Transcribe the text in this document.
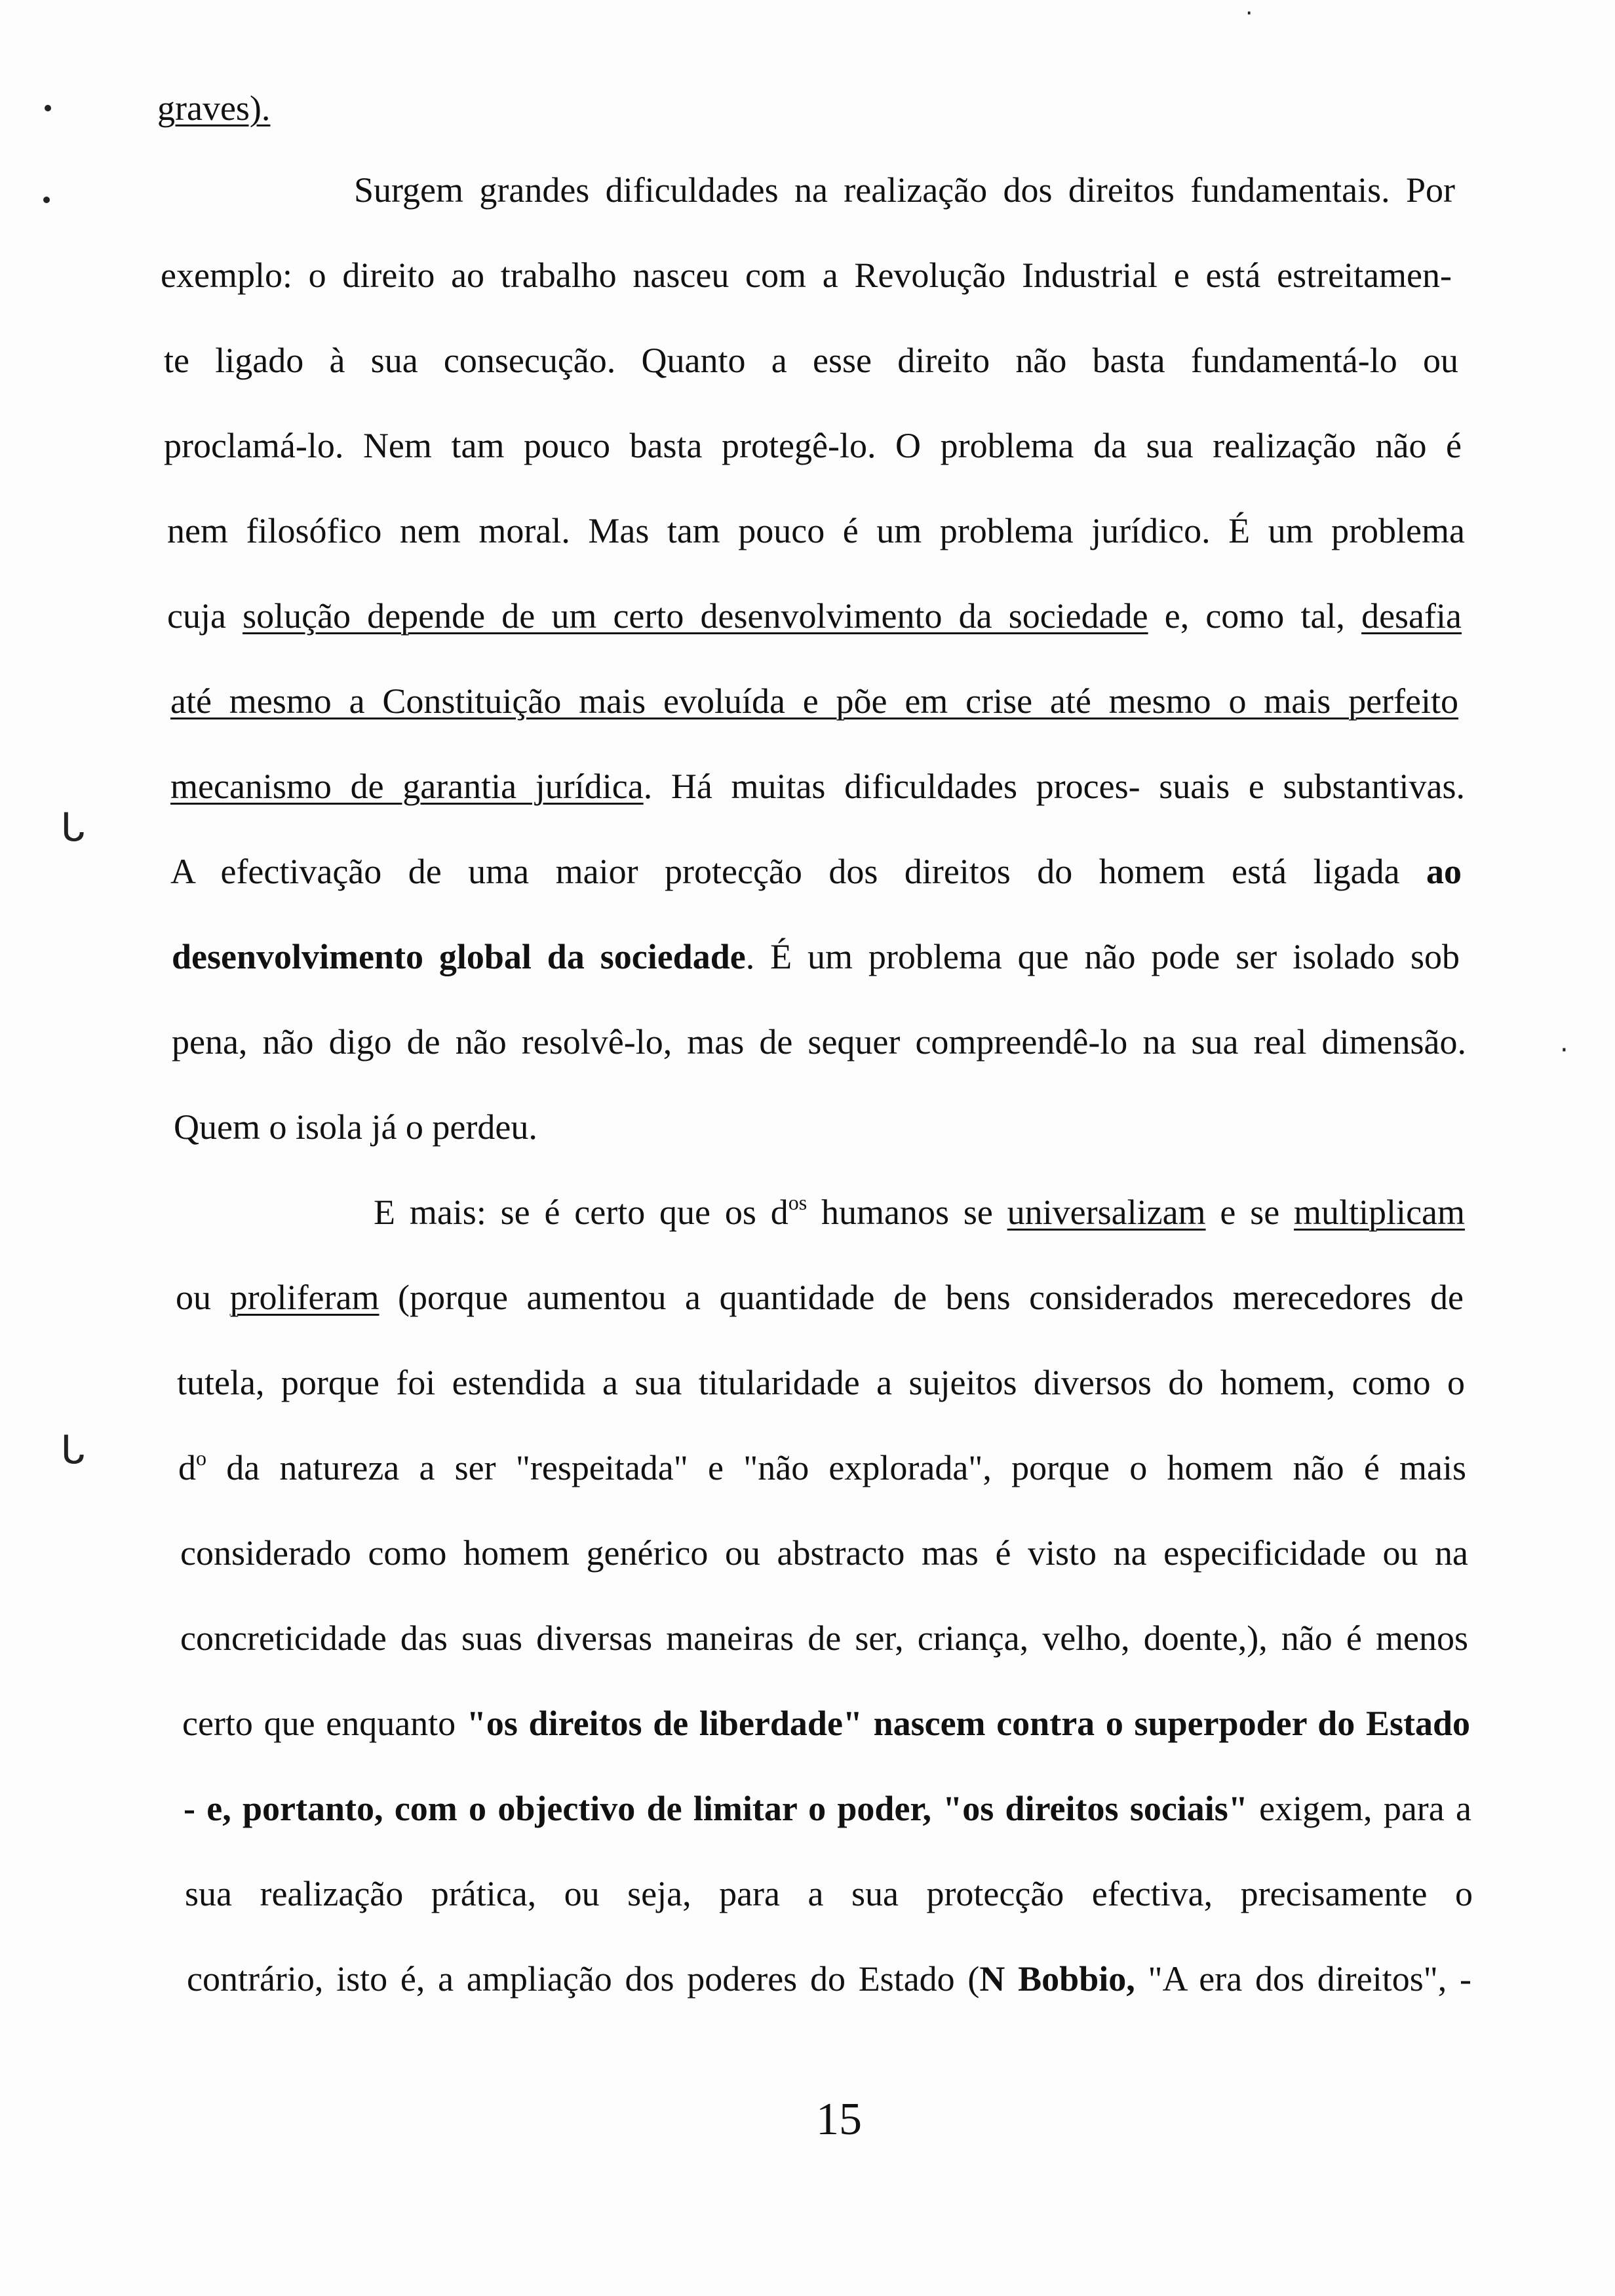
ᒐ
ᒐ
·
·
graves).
Surgem grandes dificuldades na realização dos direitos fundamentais. Por
exemplo: o direito ao trabalho nasceu com a Revolução Industrial e está estreitamen-
te ligado à sua consecução. Quanto a esse direito não basta fundamentá-lo ou
proclamá-lo. Nem tam pouco basta protegê-lo. O problema da sua realização não é
nem filosófico nem moral. Mas tam pouco é um problema jurídico. É um problema
cuja solução depende de um certo desenvolvimento da sociedade e, como tal, desafia
até mesmo a Constituição mais evoluída e põe em crise até mesmo o mais perfeito
mecanismo de garantia jurídica. Há muitas dificuldades proces- suais e substantivas.
A efectivação de uma maior protecção dos direitos do homem está ligada ao
desenvolvimento global da sociedade. É um problema que não pode ser isolado sob
pena, não digo de não resolvê-lo, mas de sequer compreendê-lo na sua real dimensão.
Quem o isola já o perdeu.
E mais: se é certo que os $d^{os}$ humanos se universalizam e se multiplicam
ou proliferam (porque aumentou a quantidade de bens considerados merecedores de
tutela, porque foi estendida a sua titularidade a sujeitos diversos do homem, como o
$d^o$ da natureza a ser "respeitada" e "não explorada", porque o homem não é mais
considerado como homem genérico ou abstracto mas é visto na especificidade ou na
concreticidade das suas diversas maneiras de ser, criança, velho, doente,), não é menos
certo que enquanto "os direitos de liberdade" nascem contra o superpoder do Estado
- e, portanto, com o objectivo de limitar o poder, "os direitos sociais" exigem, para a
sua realização prática, ou seja, para a sua protecção efectiva, precisamente o
contrário, isto é, a ampliação dos poderes do Estado (N Bobbio, "A era dos direitos", -
15
